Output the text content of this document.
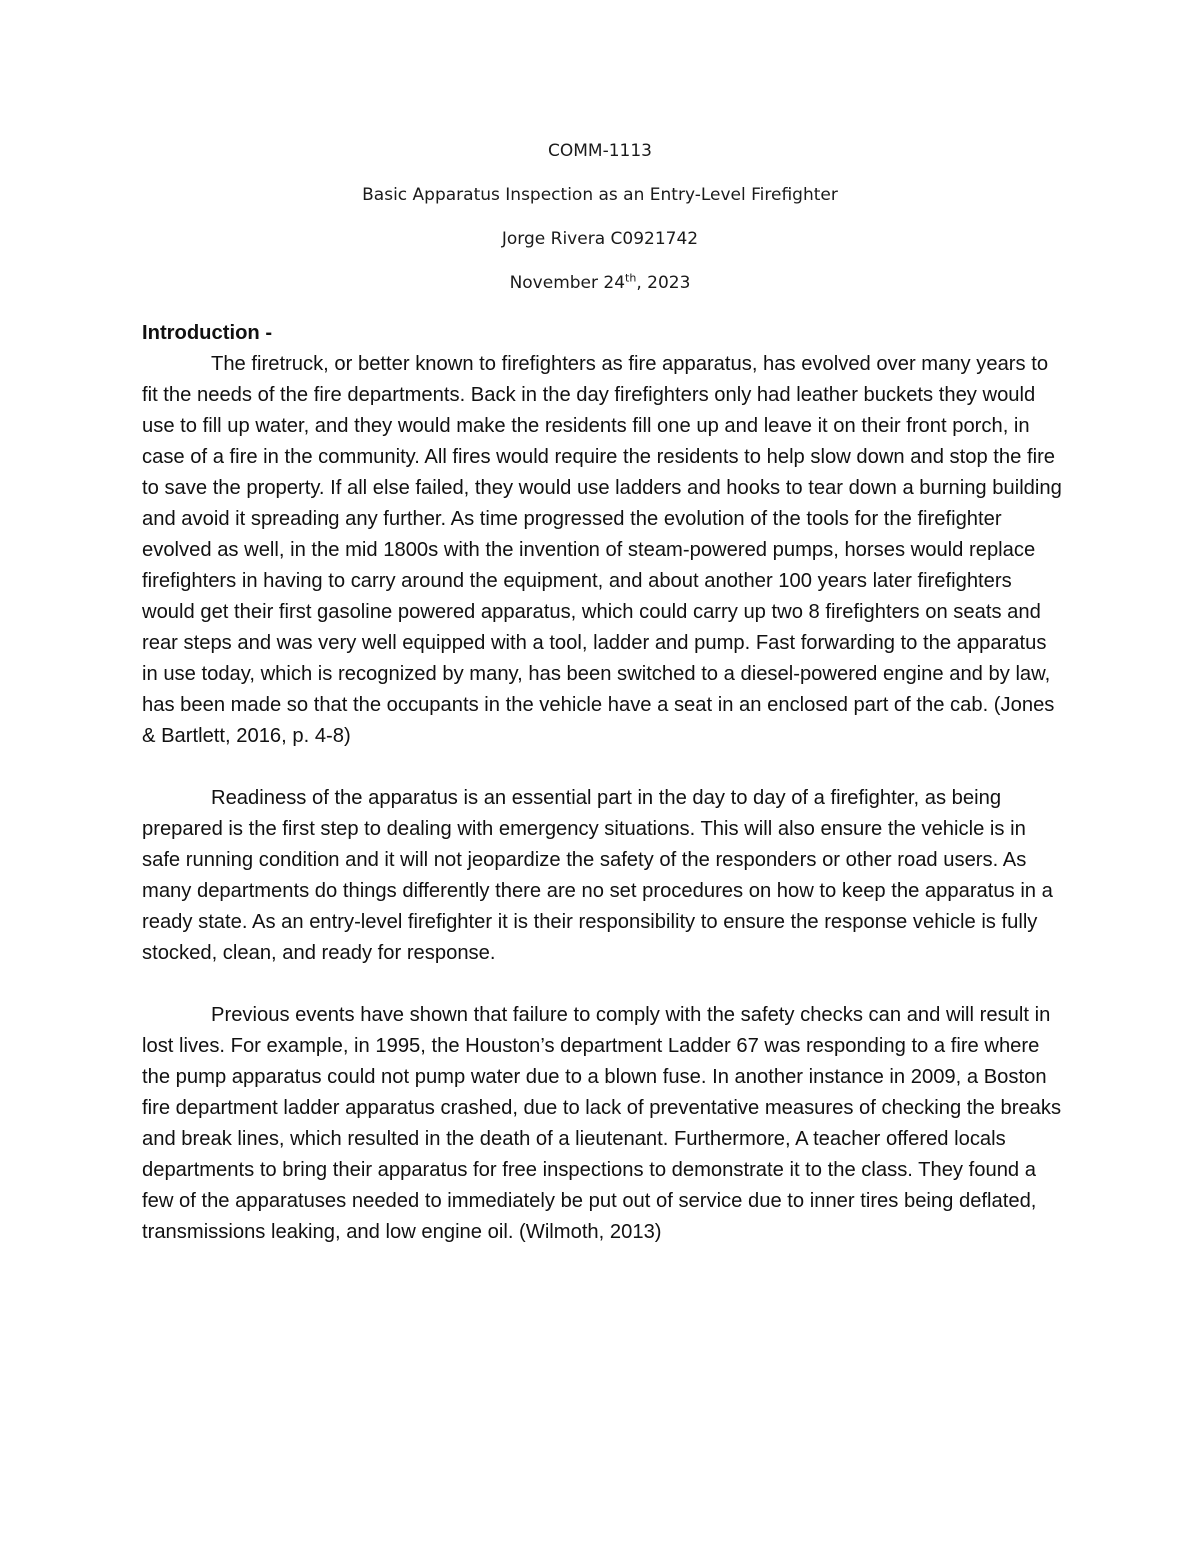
COMM-1113
Basic Apparatus Inspection as an Entry-Level Firefighter
Jorge Rivera C0921742
November 24th, 2023
Introduction -

The firetruck, or better known to firefighters as fire apparatus, has evolved over many years to fit the needs of the fire departments. Back in the day firefighters only had leather buckets they would use to fill up water, and they would make the residents fill one up and leave it on their front porch, in case of a fire in the community. All fires would require the residents to help slow down and stop the fire to save the property. If all else failed, they would use ladders and hooks to tear down a burning building and avoid it spreading any further. As time progressed the evolution of the tools for the firefighter evolved as well, in the mid 1800s with the invention of steam-powered pumps, horses would replace firefighters in having to carry around the equipment, and about another 100 years later firefighters would get their first gasoline powered apparatus, which could carry up two 8 firefighters on seats and rear steps and was very well equipped with a tool, ladder and pump. Fast forwarding to the apparatus in use today, which is recognized by many, has been switched to a diesel-powered engine and by law, has been made so that the occupants in the vehicle have a seat in an enclosed part of the cab. (Jones & Bartlett, 2016, p. 4-8)

Readiness of the apparatus is an essential part in the day to day of a firefighter, as being prepared is the first step to dealing with emergency situations. This will also ensure the vehicle is in safe running condition and it will not jeopardize the safety of the responders or other road users. As many departments do things differently there are no set procedures on how to keep the apparatus in a ready state. As an entry-level firefighter it is their responsibility to ensure the response vehicle is fully stocked, clean, and ready for response.

Previous events have shown that failure to comply with the safety checks can and will result in lost lives. For example, in 1995, the Houston’s department Ladder 67 was responding to a fire where the pump apparatus could not pump water due to a blown fuse. In another instance in 2009, a Boston fire department ladder apparatus crashed, due to lack of preventative measures of checking the breaks and break lines, which resulted in the death of a lieutenant. Furthermore, A teacher offered locals departments to bring their apparatus for free inspections to demonstrate it to the class. They found a few of the apparatuses needed to immediately be put out of service due to inner tires being deflated, transmissions leaking, and low engine oil. (Wilmoth, 2013)
